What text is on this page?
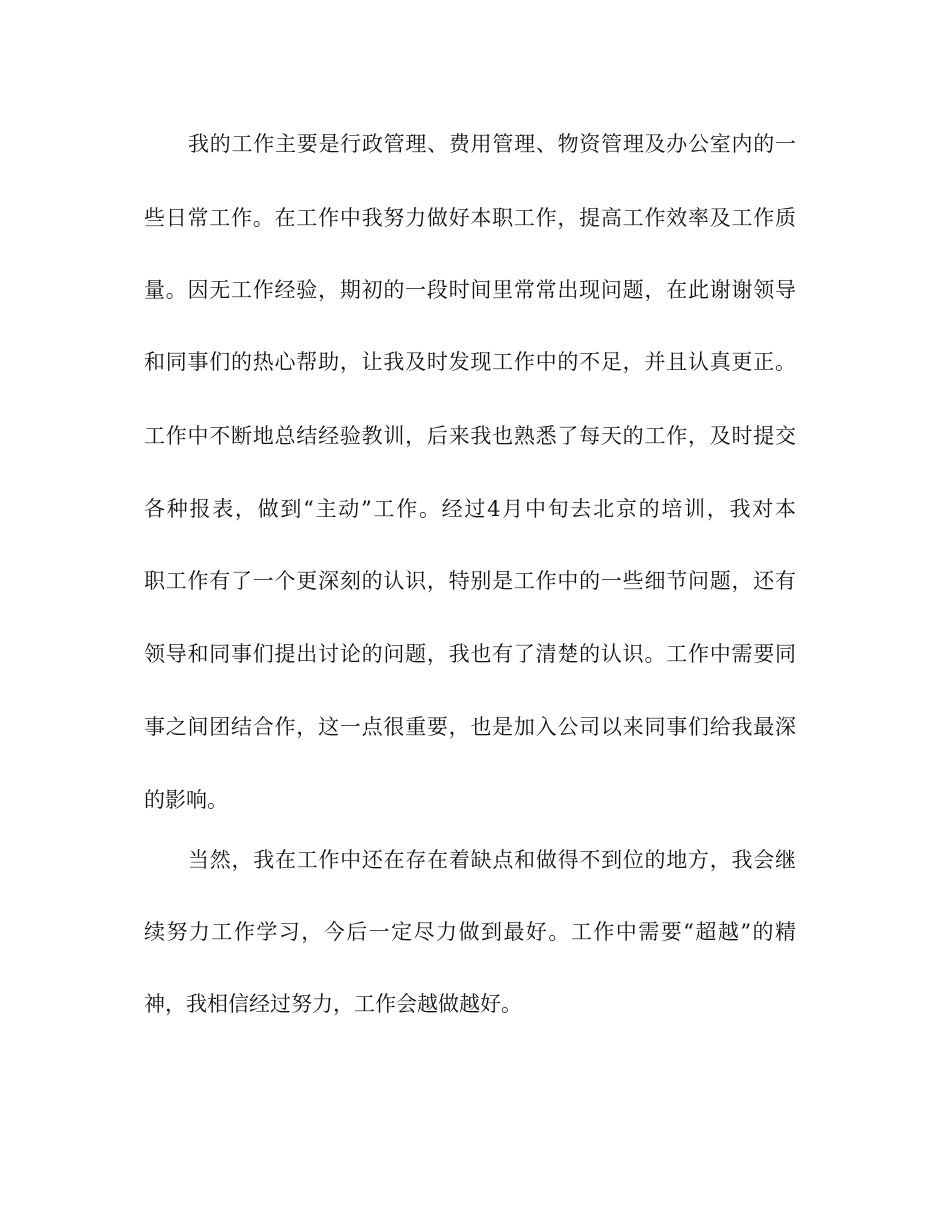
我的工作主要是行政管理、费用管理、物资管理及办公室内的一
些日常工作。在工作中我努力做好本职工作，提高工作效率及工作质
量。因无工作经验，期初的一段时间里常常出现问题，在此谢谢领导
和同事们的热心帮助，让我及时发现工作中的不足，并且认真更正。
工作中不断地总结经验教训，后来我也熟悉了每天的工作，及时提交
各种报表，做到“主动”工作。经过4月中旬去北京的培训，我对本
职工作有了一个更深刻的认识，特别是工作中的一些细节问题，还有
领导和同事们提出讨论的问题，我也有了清楚的认识。工作中需要同
事之间团结合作，这一点很重要，也是加入公司以来同事们给我最深
的影响。
当然，我在工作中还在存在着缺点和做得不到位的地方，我会继
续努力工作学习，今后一定尽力做到最好。工作中需要“超越”的精
神，我相信经过努力，工作会越做越好。
